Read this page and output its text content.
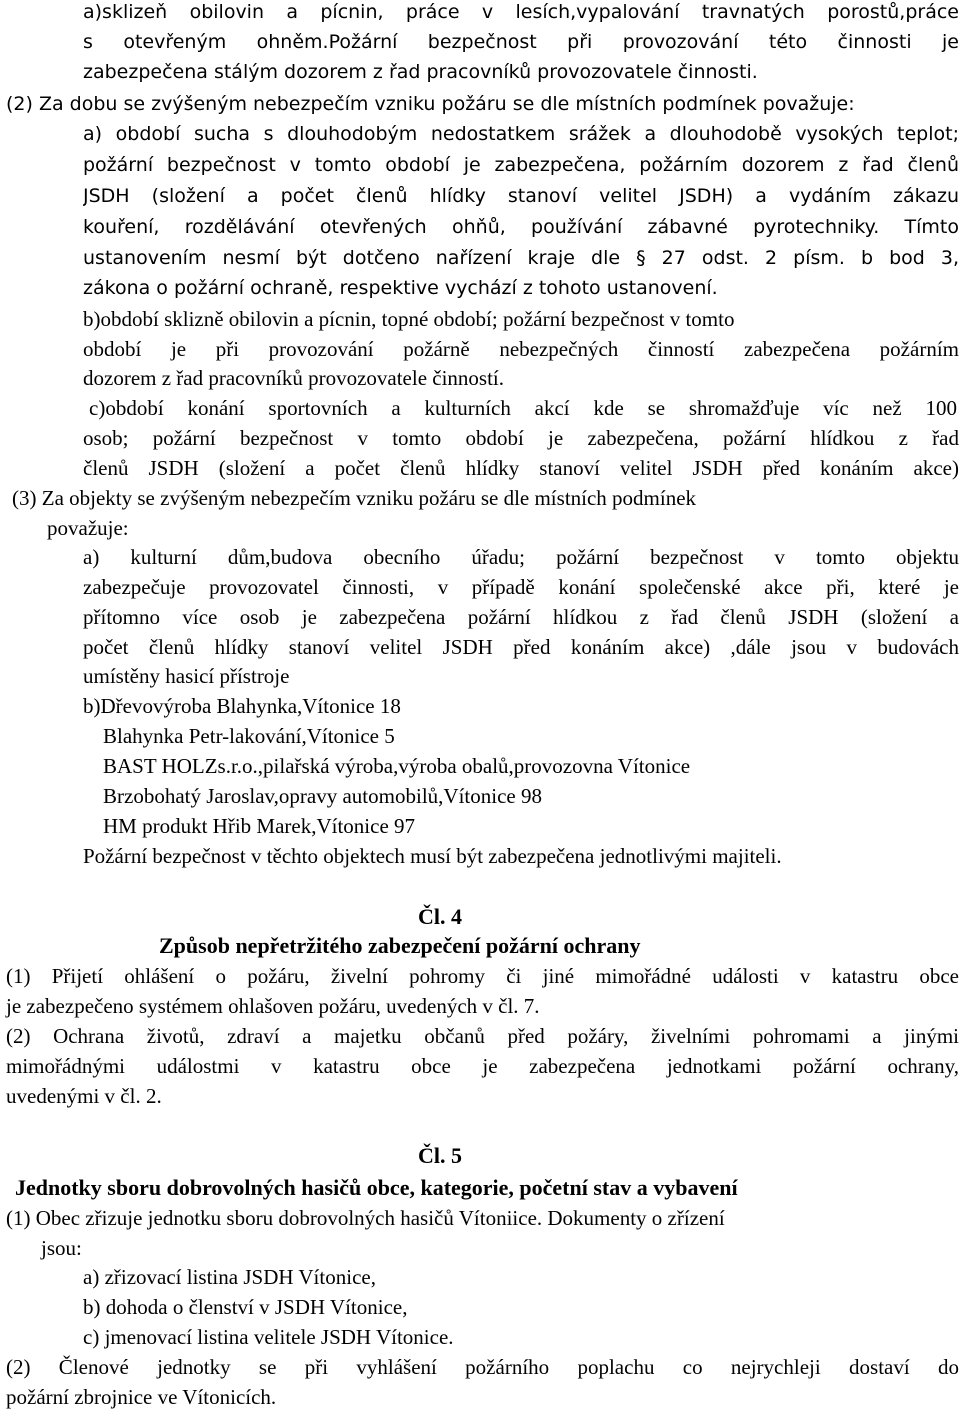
a)sklizeň obilovin a pícnin, práce v lesích,vypalování travnatých porostů,práce
s otevřeným ohněm.Požární bezpečnost při provozování této činnosti je
zabezpečena stálým dozorem z řad pracovníků provozovatele činnosti.
(2) Za dobu se zvýšeným nebezpečím vzniku požáru se dle místních podmínek považuje:
a) období sucha s dlouhodobým nedostatkem srážek a dlouhodobě vysokých teplot;
požární bezpečnost v tomto období je zabezpečena, požárním dozorem z řad členů
JSDH (složení a počet členů hlídky stanoví velitel JSDH) a vydáním zákazu
kouření, rozdělávání otevřených ohňů, používání zábavné pyrotechniky. Tímto
ustanovením nesmí být dotčeno nařízení kraje dle § 27 odst. 2 písm. b bod 3,
zákona o požární ochraně, respektive vychází z tohoto ustanovení.
b)období sklizně obilovin a pícnin, topné období; požární bezpečnost v tomto
období je při provozování požárně nebezpečných činností zabezpečena požárním
dozorem z řad pracovníků provozovatele činností.
c)období konání sportovních a kulturních akcí kde se shromažďuje víc než 100
osob; požární bezpečnost v tomto období je zabezpečena, požární hlídkou z řad
členů JSDH (složení a počet členů hlídky stanoví velitel JSDH před konáním akce)
(3) Za objekty se zvýšeným nebezpečím vzniku požáru se dle místních podmínek
považuje:
a) kulturní dům,budova obecního úřadu; požární bezpečnost v tomto objektu
zabezpečuje provozovatel činnosti, v případě konání společenské akce při, které je
přítomno více osob je zabezpečena požární hlídkou z řad členů JSDH (složení a
počet členů hlídky stanoví velitel JSDH před konáním akce) ,dále jsou v budovách
umístěny hasicí přístroje
b)Dřevovýroba Blahynka,Vítonice 18
Blahynka Petr-lakování,Vítonice 5
BAST HOLZs.r.o.,pilařská výroba,výroba obalů,provozovna Vítonice
Brzobohatý Jaroslav,opravy automobilů,Vítonice 98
HM produkt Hřib Marek,Vítonice 97
Požární bezpečnost v těchto objektech musí být zabezpečena jednotlivými majiteli.
Čl. 4
Způsob nepřetržitého zabezpečení požární ochrany
(1) Přijetí ohlášení o požáru, živelní pohromy či jiné mimořádné události v katastru obce
je zabezpečeno systémem ohlašoven požáru, uvedených v čl. 7.
(2) Ochrana životů, zdraví a majetku občanů před požáry, živelními pohromami a jinými
mimořádnými událostmi v katastru obce je zabezpečena jednotkami požární ochrany,
uvedenými v čl. 2.
Čl. 5
Jednotky sboru dobrovolných hasičů obce, kategorie, početní stav a vybavení
(1) Obec zřizuje jednotku sboru dobrovolných hasičů Vítoniice. Dokumenty o zřízení
jsou:
a) zřizovací listina JSDH Vítonice,
b) dohoda o členství v JSDH Vítonice,
c) jmenovací listina velitele JSDH Vítonice.
(2) Členové jednotky se při vyhlášení požárního poplachu co nejrychleji dostaví do
požární zbrojnice ve Vítonicích.
